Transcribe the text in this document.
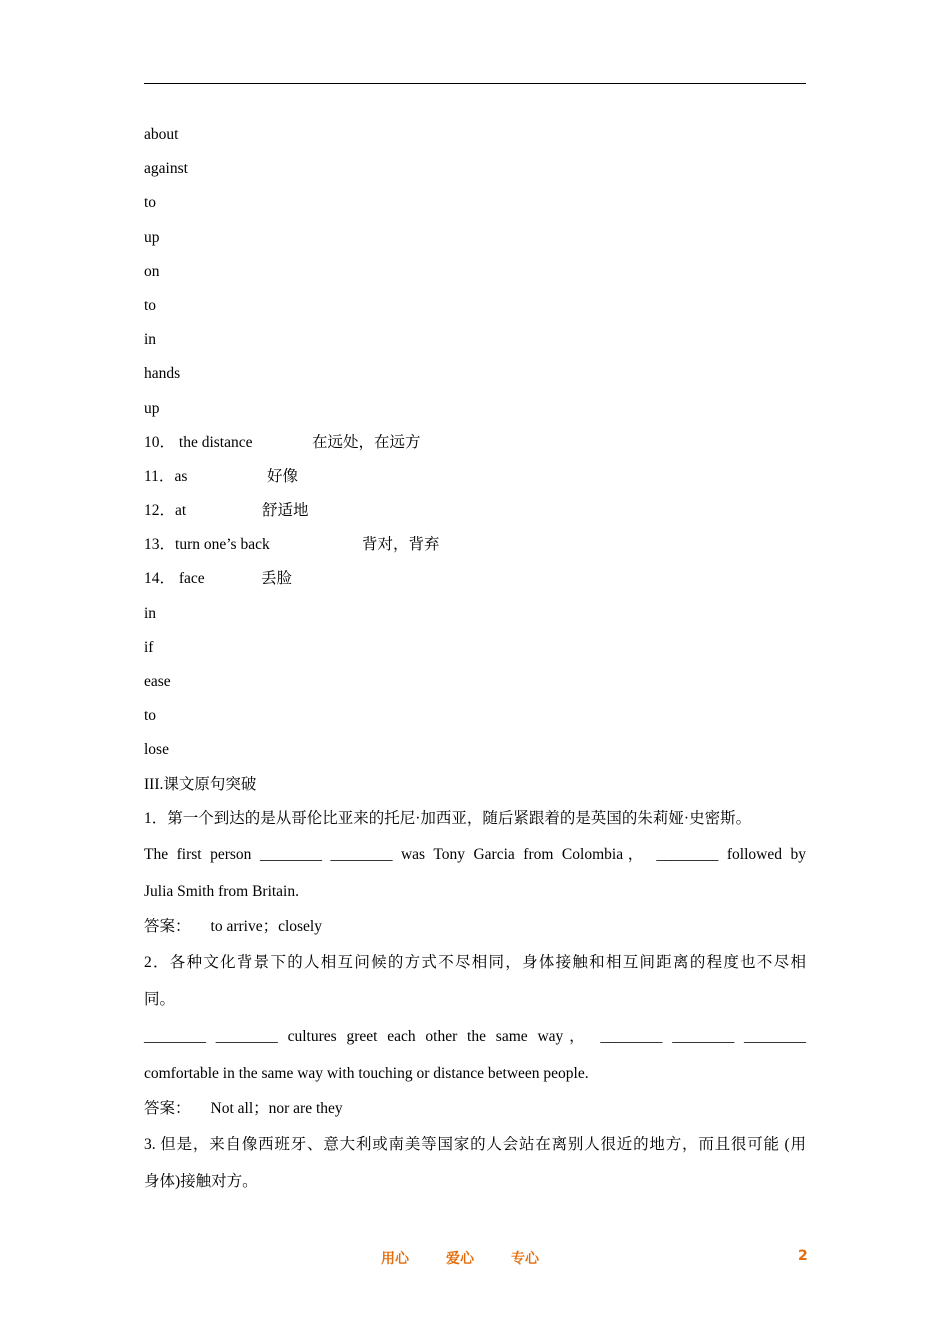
about
against
to
up
on
to
in
hands
up
10． the distance	在远处，在远方
11．as	好像
12．at	舒适地
13．turn one’s back	背对，背弃
14． face	丢脸
in
if
ease
to
lose
III.课文原句突破
1．第一个到达的是从哥伦比亚来的托尼·加西亚，随后紧跟着的是英国的朱莉娅·史密斯。
The first person ________ ________ was Tony Garcia from Colombia， ________ followed by
Julia Smith from Britain.
答案： to arrive；closely
2．各种文化背景下的人相互问候的方式不尽相同，身体接触和相互间距离的程度也不尽相
同。
________ ________ cultures greet each other the same way， ________ ________ ________
comfortable in the same way with touching or distance between people.
答案： Not all；nor are they
3. 但是，来自像西班牙、意大利或南美等国家的人会站在离别人很近的地方，而且很可能 (用
身体)接触对方。
用心	爱心	专心	2
